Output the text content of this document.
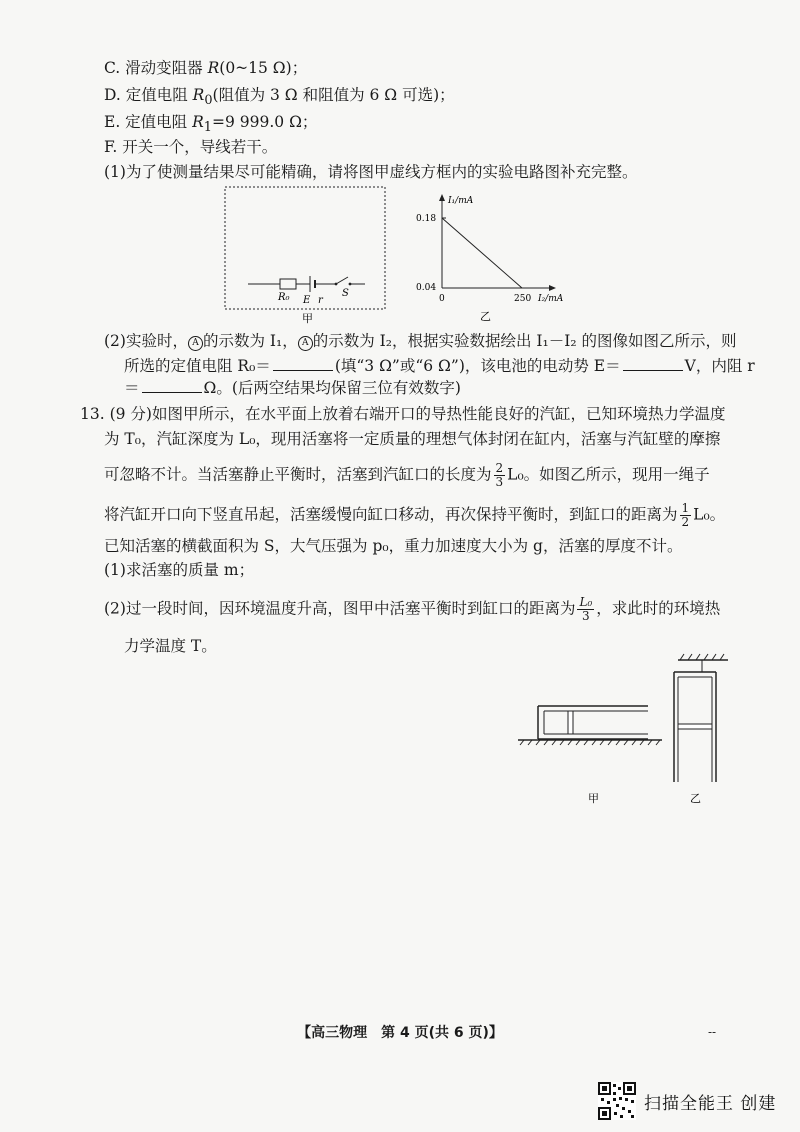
C. 滑动变阻器 R(0~15 Ω)；
D. 定值电阻 $R_0$(阻值为 3 Ω 和阻值为 6 Ω 可选)；
E. 定值电阻 $R_1=9$ 999.0 Ω；
F. 开关一个，导线若干。
(1)为了使测量结果尽可能精确，请将图甲虚线方框内的实验电路图补充完整。
R₀ E r
S
甲
I₁/mA
0.18
0.04
0	250 I₂/mA
乙
(2)实验时， A 的示数为 I₁， A 的示数为 I₂，根据实验数据绘出 I₁－I₂ 的图像如图乙所示，则
所选的定值电阻 R₀＝	(填“3 Ω”或“6 Ω”)，该电池的电动势 E＝	V，内阻 r
＝	Ω。(后两空结果均保留三位有效数字)
13. (9 分)如图甲所示，在水平面上放着右端开口的导热性能良好的汽缸，已知环境热力学温度
为 T₀，汽缸深度为 L₀，现用活塞将一定质量的理想气体封闭在缸内，活塞与汽缸壁的摩擦
可忽略不计。当活塞静止平衡时，活塞到汽缸口的长度为 $\frac{2}{3} L_0$。如图乙所示，现用一绳子
将汽缸开口向下竖直吊起，活塞缓慢向缸口移动，再次保持平衡时，到缸口的距离为 $\frac{1}{2} L_0$。
已知活塞的横截面积为 S，大气压强为 p₀，重力加速度大小为 g，活塞的厚度不计。
(1)求活塞的质量 m；
(2)过一段时间，因环境温度升高，图甲中活塞平衡时到缸口的距离为 $\frac{\text{L₀}}{3}$ ，求此时的环境热
力学温度 T。
甲	乙
【高三物理　第 4 页(共 6 页)】	--
扫描全能王 创建
